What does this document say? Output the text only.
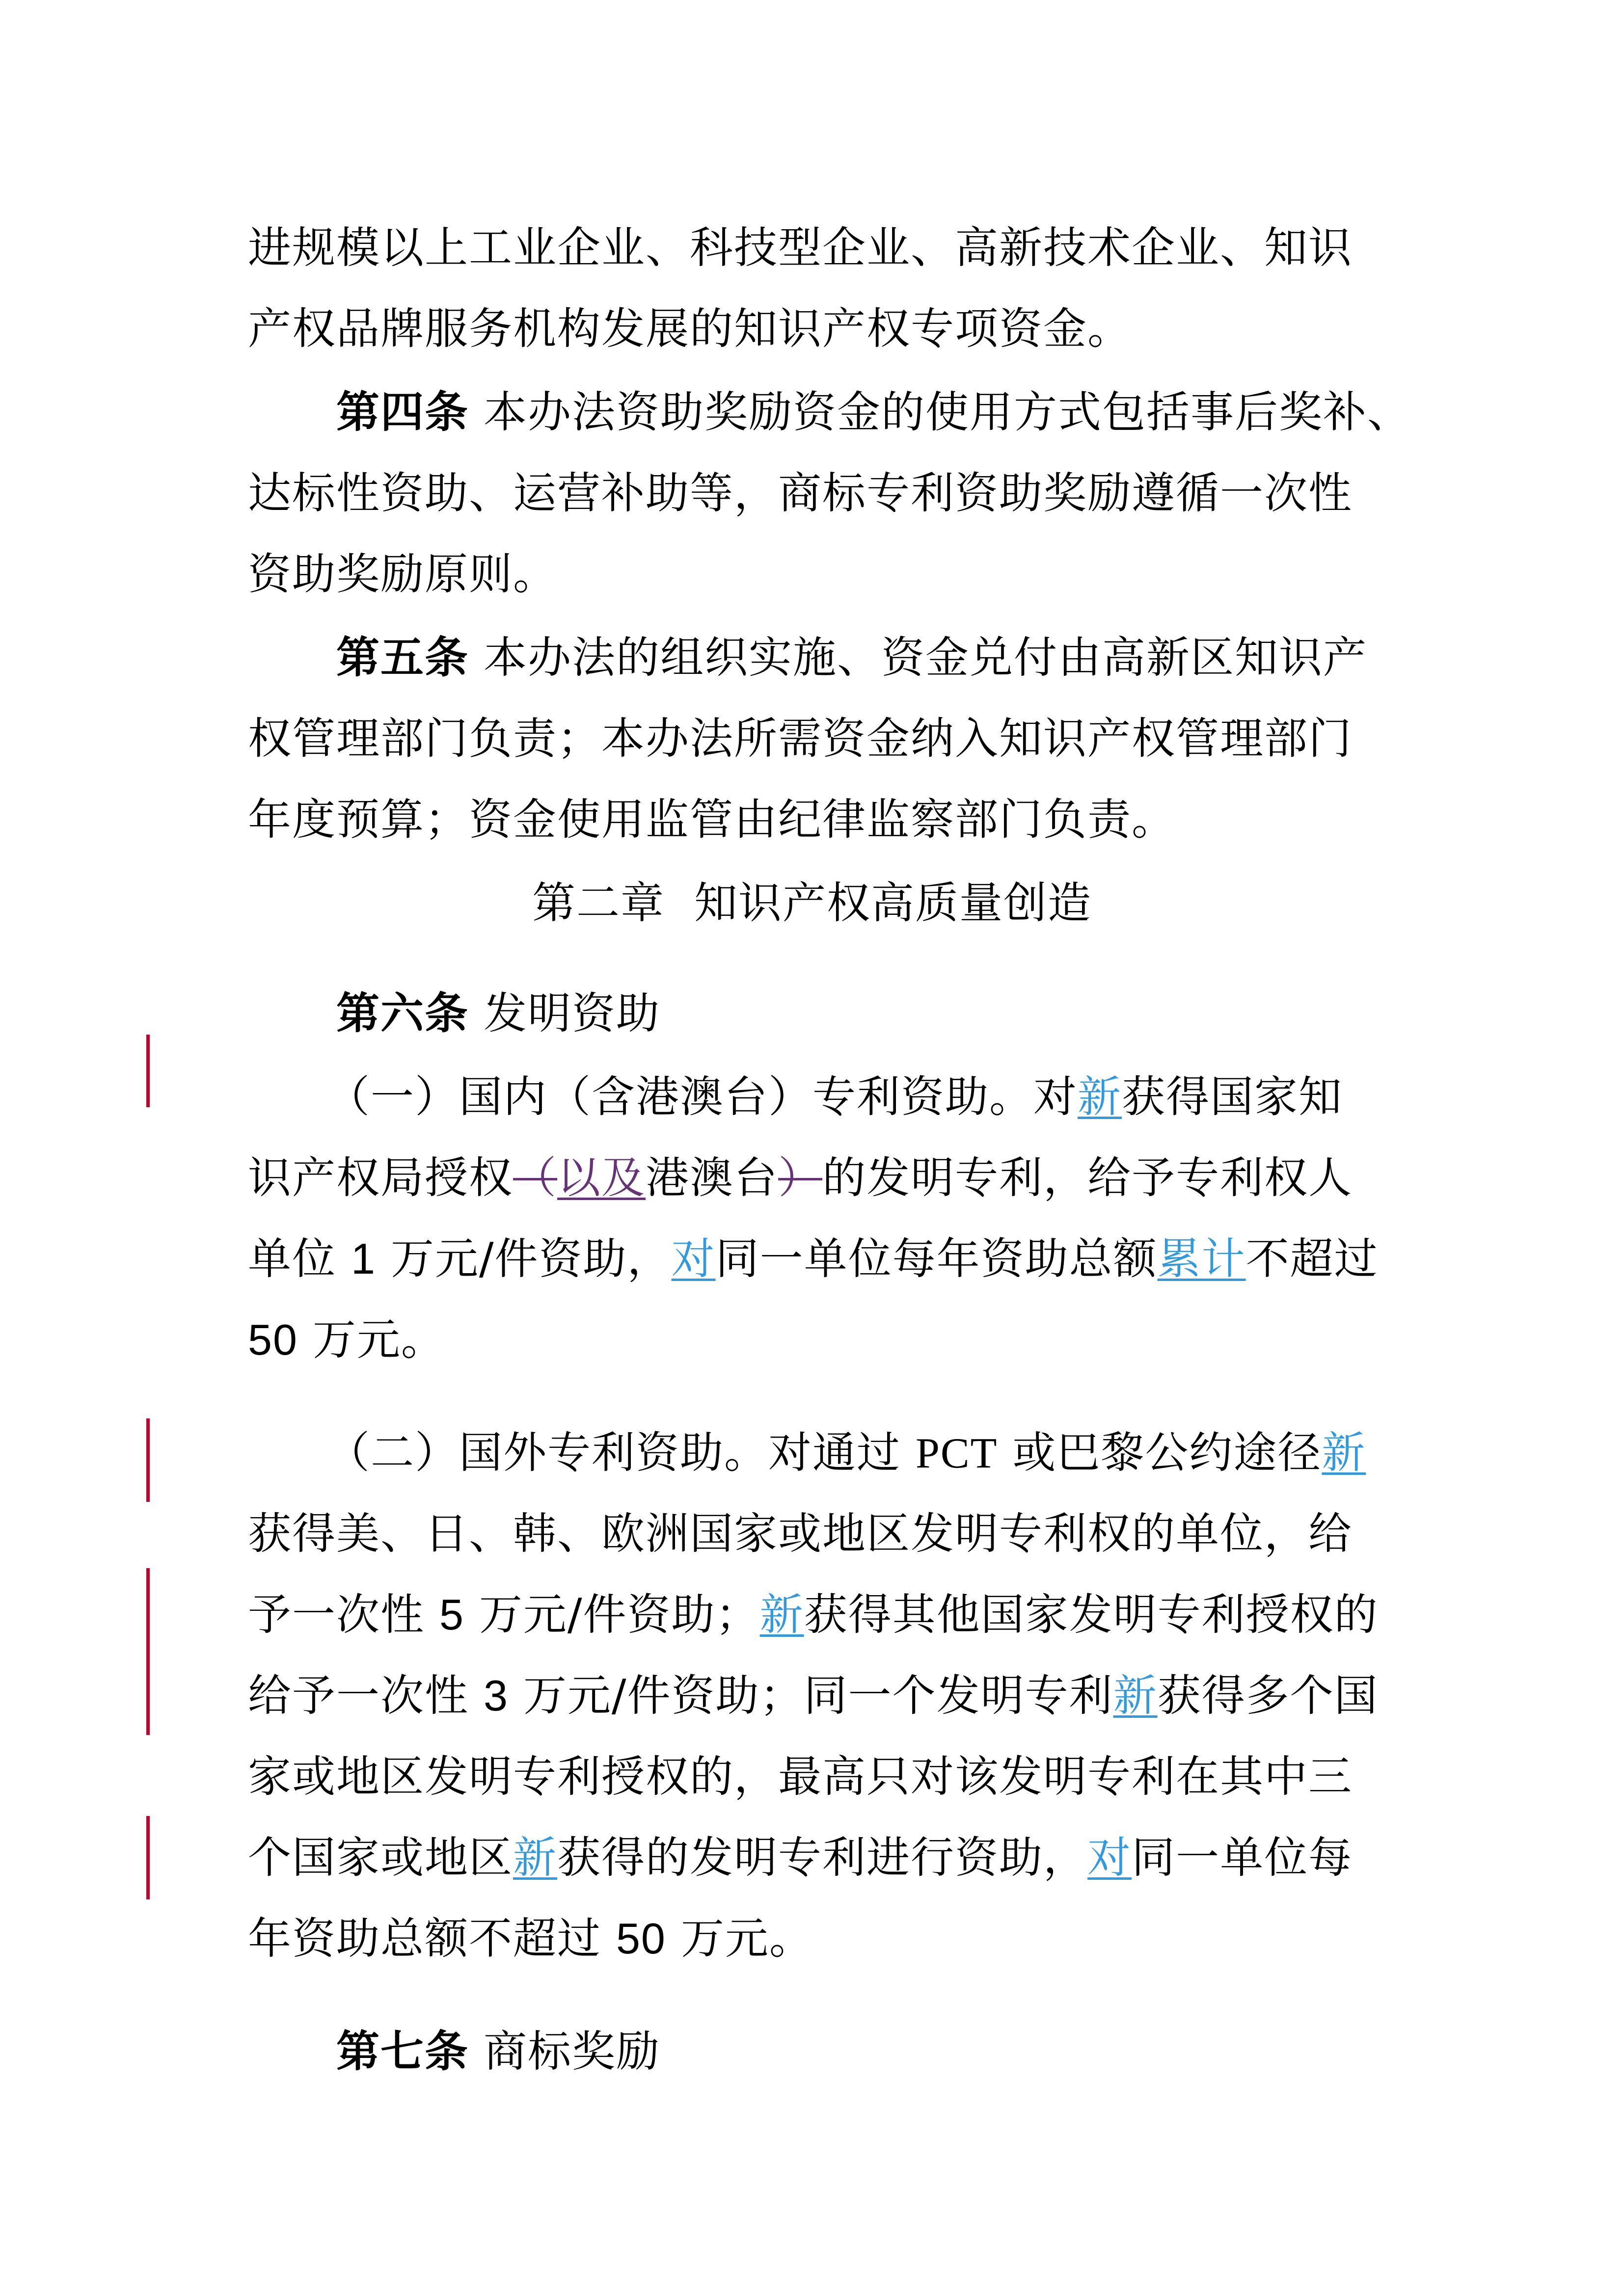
进规模以上工业企业、科技型企业、高新技术企业、知识
产权品牌服务机构发展的知识产权专项资金。
第四条 本办法资助奖励资金的使用方式包括事后奖补、
达标性资助、运营补助等，商标专利资助奖励遵循一次性
资助奖励原则。
第五条 本办法的组织实施、资金兑付由高新区知识产
权管理部门负责；本办法所需资金纳入知识产权管理部门
年度预算；资金使用监管由纪律监察部门负责。
第二章  知识产权高质量创造
第六条 发明资助
（一）国内（含港澳台）专利资助。对新获得国家知
识产权局授权（以及港澳台）的发明专利，给予专利权人
单位 1 万元/件资助，对同一单位每年资助总额累计不超过
50 万元。
（二）国外专利资助。对通过 PCT 或巴黎公约途径新
获得美、日、韩、欧洲国家或地区发明专利权的单位，给
予一次性 5 万元/件资助；新获得其他国家发明专利授权的
给予一次性 3 万元/件资助；同一个发明专利新获得多个国
家或地区发明专利授权的，最高只对该发明专利在其中三
个国家或地区新获得的发明专利进行资助，对同一单位每
年资助总额不超过 50 万元。
第七条 商标奖励
